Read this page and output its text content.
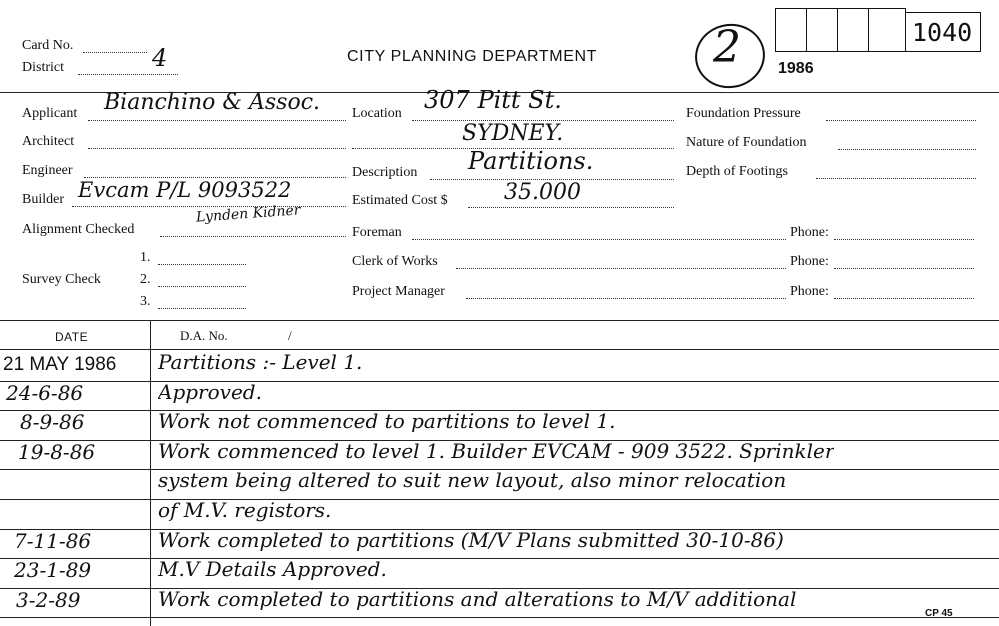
Card No.
District	4	CITY PLANNING DEPARTMENT	2	1040
1986
Applicant Bianchino & Assoc.
Architect
Engineer
Builder Evcam P/L 9093522
Lynden Kidner
Alignment Checked
Survey Check
1.
2.
3.
Location 307 Pitt St.
SYDNEY.
Description Partitions.
Estimated Cost $	35.000
Foreman	Phone:
Clerk of Works	Phone:
Project Manager	Phone:
Foundation Pressure
Nature of Foundation
Depth of Footings
DATE	D.A. No.	/
21 MAY 1986 Partitions :- Level 1.
24-6-86	Approved.
8-9-86	Work not commenced to partitions to level 1.
19-8-86	Work commenced to level 1. Builder EVCAM - 909 3522. Sprinkler
system being altered to suit new layout, also minor relocation
of M.V. registors.
7-11-86	Work completed to partitions (M/V Plans submitted 30-10-86)
23-1-89	M.V Details Approved.
3-2-89	Work completed to partitions and alterations to M/V additional
CP 45
